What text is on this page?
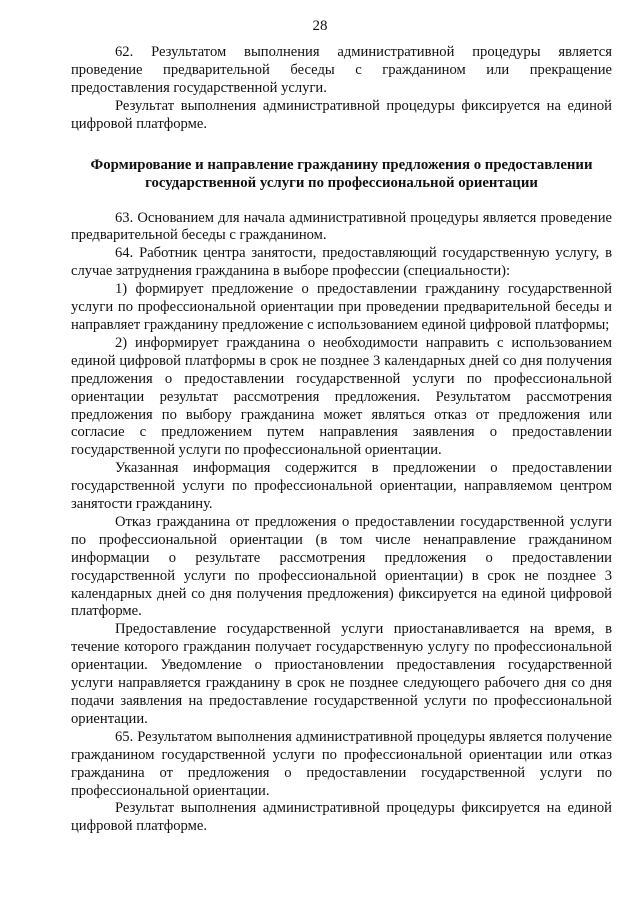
28

62. Результатом выполнения административной процедуры является проведение предварительной беседы с гражданином или прекращение предоставления государственной услуги.

Результат выполнения административной процедуры фиксируется на единой цифровой платформе.

Формирование и направление гражданину предложения о предоставлении государственной услуги по профессиональной ориентации

63. Основанием для начала административной процедуры является проведение предварительной беседы с гражданином.

64. Работник центра занятости, предоставляющий государственную услугу, в случае затруднения гражданина в выборе профессии (специальности):

1) формирует предложение о предоставлении гражданину государственной услуги по профессиональной ориентации при проведении предварительной беседы и направляет гражданину предложение с использованием единой цифровой платформы;

2) информирует гражданина о необходимости направить с использованием единой цифровой платформы в срок не позднее 3 календарных дней со дня получения предложения о предоставлении государственной услуги по профессиональной ориентации результат рассмотрения предложения. Результатом рассмотрения предложения по выбору гражданина может являться отказ от предложения или согласие с предложением путем направления заявления о предоставлении государственной услуги по профессиональной ориентации.

Указанная информация содержится в предложении о предоставлении государственной услуги по профессиональной ориентации, направляемом центром занятости гражданину.

Отказ гражданина от предложения о предоставлении государственной услуги по профессиональной ориентации (в том числе ненаправление гражданином информации о результате рассмотрения предложения о предоставлении государственной услуги по профессиональной ориентации) в срок не позднее 3 календарных дней со дня получения предложения) фиксируется на единой цифровой платформе.

Предоставление государственной услуги приостанавливается на время, в течение которого гражданин получает государственную услугу по профессиональной ориентации. Уведомление о приостановлении предоставления государственной услуги направляется гражданину в срок не позднее следующего рабочего дня со дня подачи заявления на предоставление государственной услуги по профессиональной ориентации.

65. Результатом выполнения административной процедуры является получение гражданином государственной услуги по профессиональной ориентации или отказ гражданина от предложения о предоставлении государственной услуги по профессиональной ориентации.

Результат выполнения административной процедуры фиксируется на единой цифровой платформе.
